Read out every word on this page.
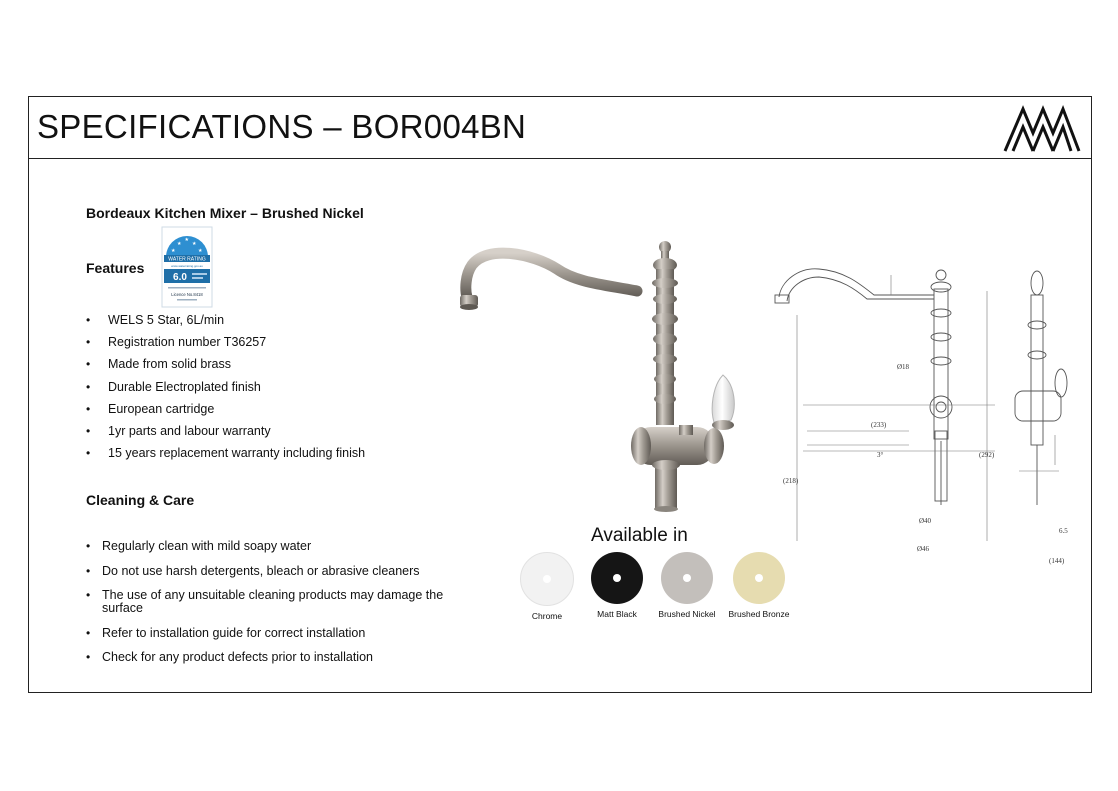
SPECIFICATIONS – BOR004BN
Bordeaux Kitchen Mixer – Brushed Nickel
Features
★
★
★
★
★
WATER RATING
www.waterrating.gov.au
6.0
Licence No.8418
• WELS 5 Star, 6L/min
• Registration number T36257
• Made from solid brass
• Durable Electroplated finish
• European cartridge
• 1yr parts and labour warranty
• 15 years replacement warranty including finish
Cleaning & Care
• Regularly clean with mild soapy water
• Do not use harsh detergents, bleach or abrasive cleaners
• The use of any unsuitable cleaning products may damage the surface
• Refer to installation guide for correct installation
• Check for any product defects prior to installation
(233)
3°
Ø18
Ø40
Ø46
(144)
6.5
(218)
(292)
Available in
Chrome	Matt Black	Brushed Nickel	Brushed Bronze
